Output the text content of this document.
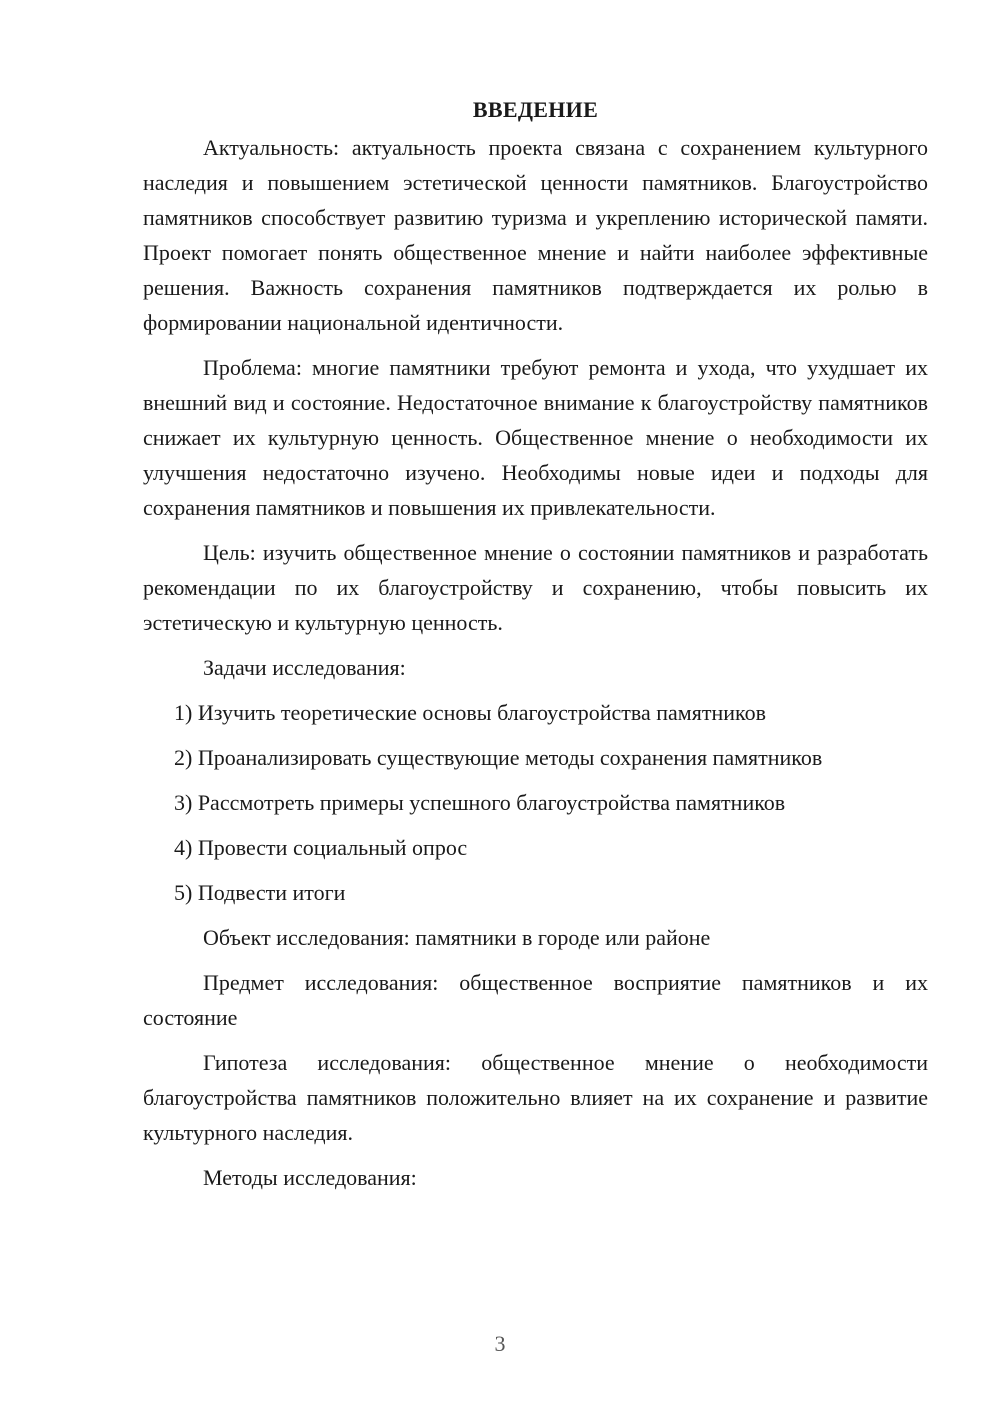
ВВЕДЕНИЕ

Актуальность: актуальность проекта связана с сохранением культурного наследия и повышением эстетической ценности памятников. Благоустройство памятников способствует развитию туризма и укреплению исторической памяти. Проект помогает понять общественное мнение и найти наиболее эффективные решения. Важность сохранения памятников подтверждается их ролью в формировании национальной идентичности.

Проблема: многие памятники требуют ремонта и ухода, что ухудшает их внешний вид и состояние. Недостаточное внимание к благоустройству памятников снижает их культурную ценность. Общественное мнение о необходимости их улучшения недостаточно изучено. Необходимы новые идеи и подходы для сохранения памятников и повышения их привлекательности.

Цель: изучить общественное мнение о состоянии памятников и разработать рекомендации по их благоустройству и сохранению, чтобы повысить их эстетическую и культурную ценность.

Задачи исследования:
1) Изучить теоретические основы благоустройства памятников
2) Проанализировать существующие методы сохранения памятников
3) Рассмотреть примеры успешного благоустройства памятников
4) Провести социальный опрос
5) Подвести итоги

Объект исследования: памятники в городе или районе

Предмет исследования: общественное восприятие памятников и их состояние

Гипотеза исследования: общественное мнение о необходимости благоустройства памятников положительно влияет на их сохранение и развитие культурного наследия.

Методы исследования:
3
